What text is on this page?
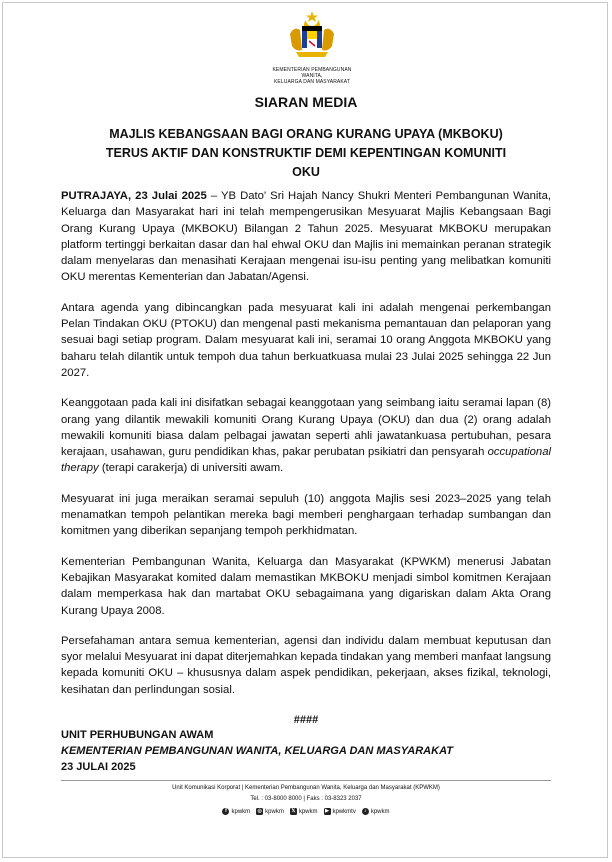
KEMENTERIAN PEMBANGUNAN WANITA,
KELUARGA DAN MASYARAKAT
SIARAN MEDIA
MAJLIS KEBANGSAAN BAGI ORANG KURANG UPAYA (MKBOKU)
TERUS AKTIF DAN KONSTRUKTIF DEMI KEPENTINGAN KOMUNITI
OKU

PUTRAJAYA, 23 Julai 2025 – YB Dato' Sri Hajah Nancy Shukri Menteri Pembangunan Wanita, Keluarga dan Masyarakat hari ini telah mempengerusikan Mesyuarat Majlis Kebangsaan Bagi Orang Kurang Upaya (MKBOKU) Bilangan 2 Tahun 2025. Mesyuarat MKBOKU merupakan platform tertinggi berkaitan dasar dan hal ehwal OKU dan Majlis ini memainkan peranan strategik dalam menyelaras dan menasihati Kerajaan mengenai isu-isu penting yang melibatkan komuniti OKU merentas Kementerian dan Jabatan/Agensi.

Antara agenda yang dibincangkan pada mesyuarat kali ini adalah mengenai perkembangan Pelan Tindakan OKU (PTOKU) dan mengenal pasti mekanisma pemantauan dan pelaporan yang sesuai bagi setiap program. Dalam mesyuarat kali ini, seramai 10 orang Anggota MKBOKU yang baharu telah dilantik untuk tempoh dua tahun berkuatkuasa mulai 23 Julai 2025 sehingga 22 Jun 2027.

Keanggotaan pada kali ini disifatkan sebagai keanggotaan yang seimbang iaitu seramai lapan (8) orang yang dilantik mewakili komuniti Orang Kurang Upaya (OKU) dan dua (2) orang adalah mewakili komuniti biasa dalam pelbagai jawatan seperti ahli jawatankuasa pertubuhan, pesara kerajaan, usahawan, guru pendidikan khas, pakar perubatan psikiatri dan pensyarah occupational therapy (terapi carakerja) di universiti awam.

Mesyuarat ini juga meraikan seramai sepuluh (10) anggota Majlis sesi 2023–2025 yang telah menamatkan tempoh pelantikan mereka bagi memberi penghargaan terhadap sumbangan dan komitmen yang diberikan sepanjang tempoh perkhidmatan.

Kementerian Pembangunan Wanita, Keluarga dan Masyarakat (KPWKM) menerusi Jabatan Kebajikan Masyarakat komited dalam memastikan MKBOKU menjadi simbol komitmen Kerajaan dalam memperkasa hak dan martabat OKU sebagaimana yang digariskan dalam Akta Orang Kurang Upaya 2008.

Persefahaman antara semua kementerian, agensi dan individu dalam membuat keputusan dan syor melalui Mesyuarat ini dapat diterjemahkan kepada tindakan yang memberi manfaat langsung kepada komuniti OKU – khususnya dalam aspek pendidikan, pekerjaan, akses fizikal, teknologi, kesihatan dan perlindungan sosial.

####
UNIT PERHUBUNGAN AWAM
KEMENTERIAN PEMBANGUNAN WANITA, KELUARGA DAN MASYARAKAT
23 JULAI 2025
Unit Komunikasi Korporat | Kementerian Pembangunan Wanita, Keluarga dan Masyarakat (KPWKM)
Tel. : 03-8000 8000 | Faks : 03-8323 2037
f kpwkm ◎ kpwkm 𝕏 kpwkm	▶ kpwkmtv	♪ kpwkm
